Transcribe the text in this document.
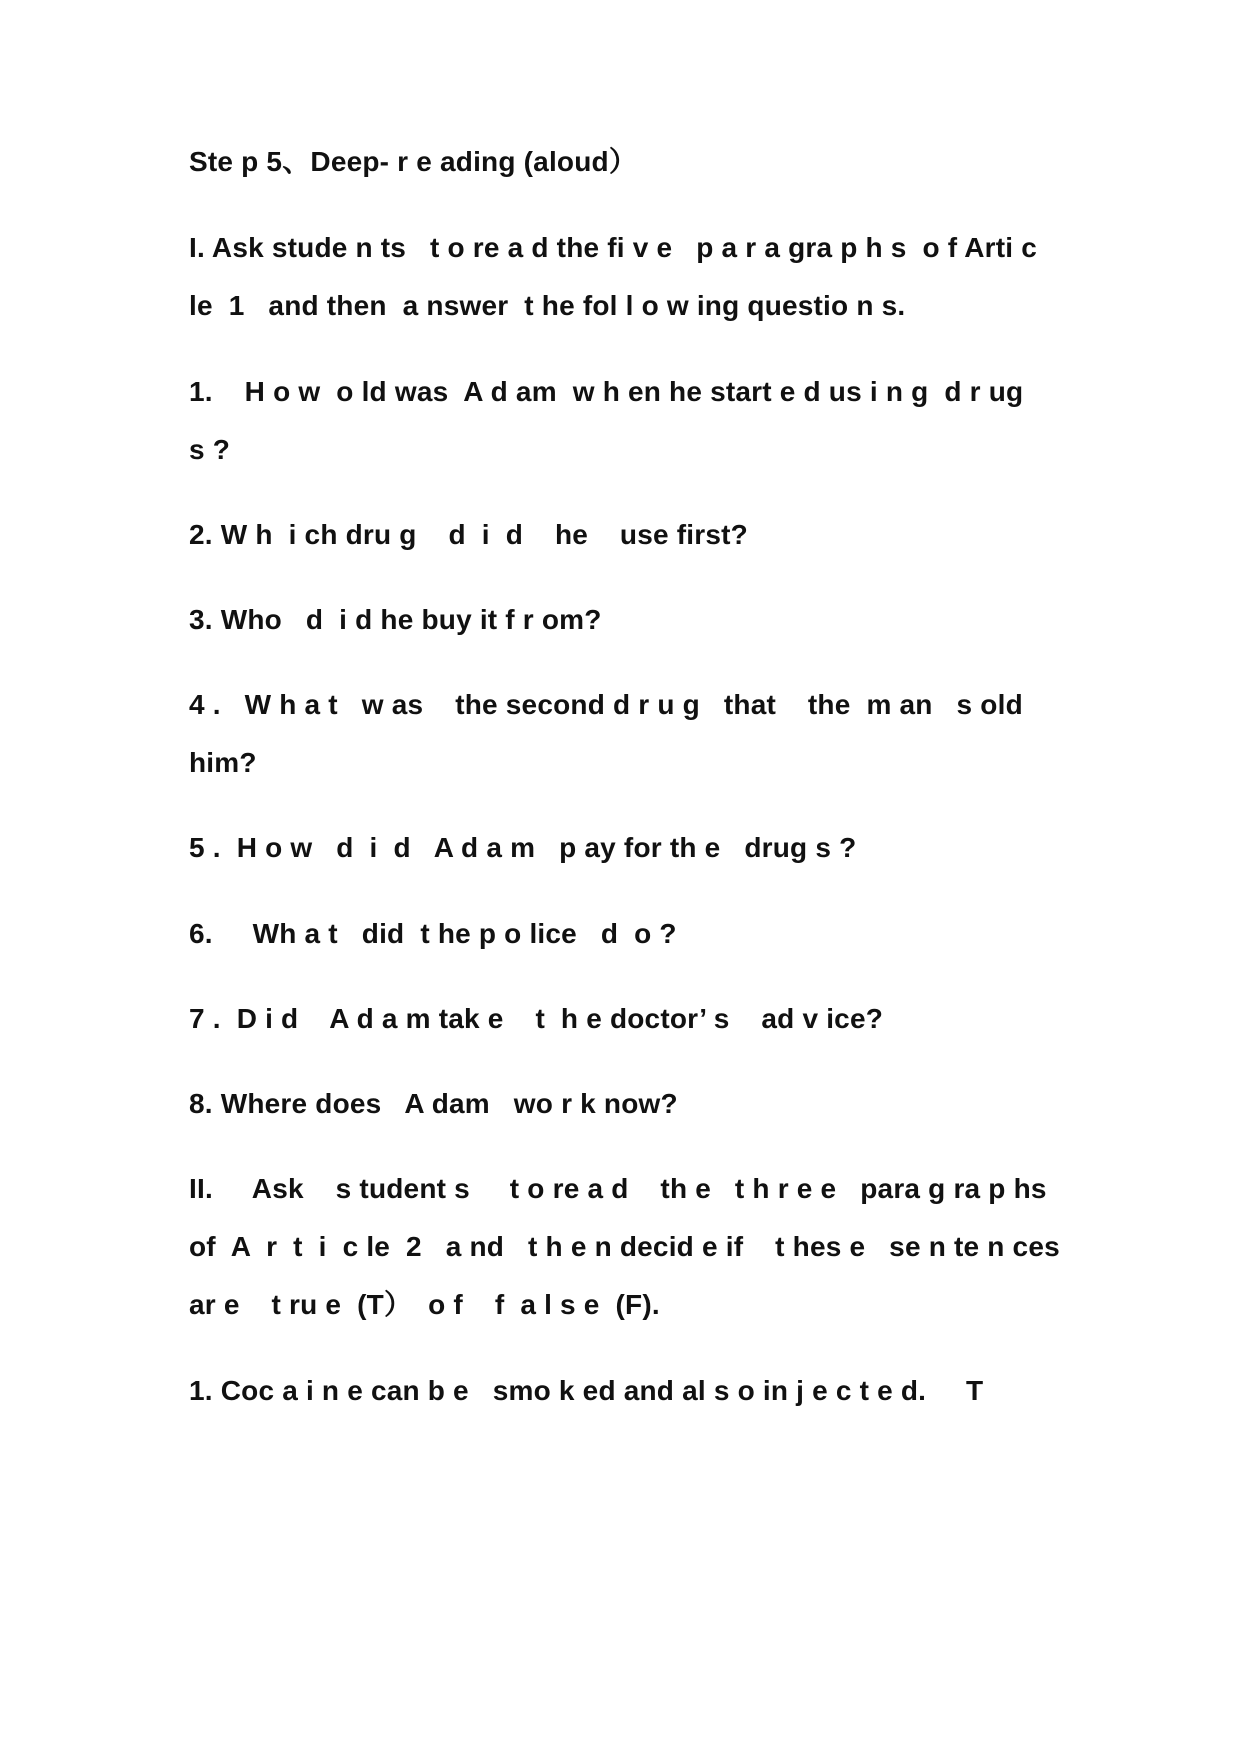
Ste p 5、Deep- r e ading (aloud）
I. Ask stude n ts   t o re a d the fi v e   p a r a gra p h s  o f Arti c
le  1   and then  a nswer  t he fol l o w ing questio n s.
1.    H o w  o ld was  A d am  w h en he start e d us i n g  d r ug
s ?
2. W h  i ch dru g    d  i  d    he    use first?
3. Who   d  i d he buy it f r om?
4 .   W h a t   w as    the second d r u g   that    the  m an   s old
him?
5 .  H o w   d  i  d   A d a m   p ay for th e   drug s ?
6.     Wh a t   did  t he p o lice   d  o ?
7 .  D i d    A d a m tak e    t  h e doctor’ s    ad v ice?
8. Where does   A dam   wo r k now?
II.     Ask    s tudent s     t o re a d    th e   t h r e e   para g ra p hs
of  A  r  t  i  c le  2   a nd   t h e n decid e if    t hes e   se n te n ces
ar e    t ru e  (T）  o f    f  a l s e  (F).
1. Coc a i n e can b e   smo k ed and al s o in j e c t e d.     T
